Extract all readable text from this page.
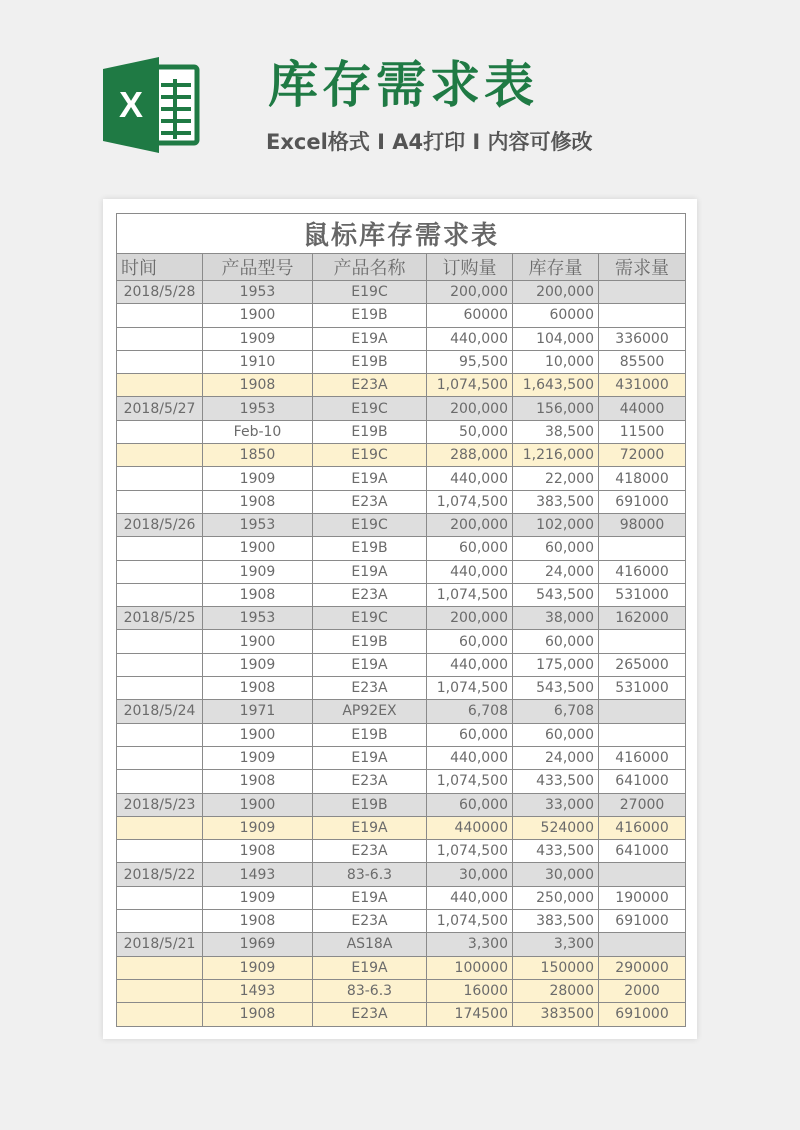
X 库存需求表
Excel格式 Ⅰ A4打印 Ⅰ 内容可修改
鼠标库存需求表					
时间	产品型号	产品名称	订购量	库存量	需求量
2018/5/28	1953	E19C	200,000	200,000	
	1900	E19B	60000	60000	
	1909	E19A	440,000	104,000	336000
	1910	E19B	95,500	10,000	85500
	1908	E23A	1,074,500	1,643,500	431000
2018/5/27	1953	E19C	200,000	156,000	44000
	Feb-10	E19B	50,000	38,500	11500
	1850	E19C	288,000	1,216,000	72000
	1909	E19A	440,000	22,000	418000
	1908	E23A	1,074,500	383,500	691000
2018/5/26	1953	E19C	200,000	102,000	98000
	1900	E19B	60,000	60,000	
	1909	E19A	440,000	24,000	416000
	1908	E23A	1,074,500	543,500	531000
2018/5/25	1953	E19C	200,000	38,000	162000
	1900	E19B	60,000	60,000	
	1909	E19A	440,000	175,000	265000
	1908	E23A	1,074,500	543,500	531000
2018/5/24	1971	AP92EX	6,708	6,708	
	1900	E19B	60,000	60,000	
	1909	E19A	440,000	24,000	416000
	1908	E23A	1,074,500	433,500	641000
2018/5/23	1900	E19B	60,000	33,000	27000
	1909	E19A	440000	524000	416000
	1908	E23A	1,074,500	433,500	641000
2018/5/22	1493	83-6.3	30,000	30,000	
	1909	E19A	440,000	250,000	190000
	1908	E23A	1,074,500	383,500	691000
2018/5/21	1969	AS18A	3,300	3,300	
	1909	E19A	100000	150000	290000
	1493	83-6.3	16000	28000	2000
	1908	E23A	174500	383500	691000
